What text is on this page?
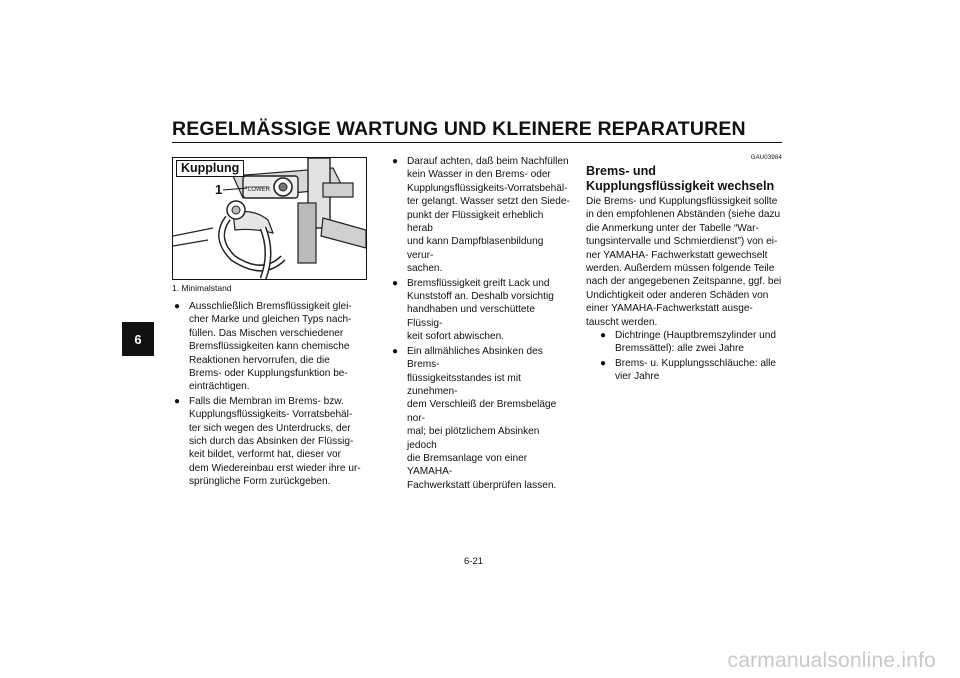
REGELMÄSSIGE WARTUNG UND KLEINERE REPARATUREN
6
LOWER
Kupplung
1
1. Minimalstand
● Ausschließlich Bremsflüssigkeit glei-
cher Marke und gleichen Typs nach-
füllen. Das Mischen verschiedener
Bremsflüssigkeiten kann chemische
Reaktionen hervorrufen, die die
Brems- oder Kupplungsfunktion be-
einträchtigen.

● Falls die Membran im Brems- bzw.
Kupplungsflüssigkeits- Vorratsbehäl-
ter sich wegen des Unterdrucks, der
sich durch das Absinken der Flüssig-
keit bildet, verformt hat, dieser vor
dem Wiedereinbau erst wieder ihre ur-
sprüngliche Form zurückgeben.

● Darauf achten, daß beim Nachfüllen
kein Wasser in den Brems- oder
Kupplungsflüssigkeits-Vorratsbehäl-
ter gelangt. Wasser setzt den Siede-
punkt der Flüssigkeit erheblich herab
und kann Dampfblasenbildung verur-
sachen.

● Bremsflüssigkeit greift Lack und
Kunststoff an. Deshalb vorsichtig
handhaben und verschüttete Flüssig-
keit sofort abwischen.

● Ein allmähliches Absinken des Brems-
flüssigkeitsstandes ist mit zunehmen-
dem Verschleiß der Bremsbeläge nor-
mal; bei plötzlichem Absinken jedoch
die Bremsanlage von einer YAMAHA-
Fachwerkstatt überprüfen lassen.

GAU03984
Brems- und
Kupplungsflüssigkeit wechseln

Die Brems- und Kupplungsflüssigkeit sollte
in den empfohlenen Abständen (siehe dazu
die Anmerkung unter der Tabelle “War-
tungsintervalle und Schmierdienst”) von ei-
ner YAMAHA- Fachwerkstatt gewechselt
werden. Außerdem müssen folgende Teile
nach der angegebenen Zeitspanne, ggf. bei
Undichtigkeit oder anderen Schäden von
einer YAMAHA-Fachwerkstatt ausge-
tauscht werden.

● Dichtringe (Hauptbremszylinder und
Bremssättel): alle zwei Jahre

● Brems- u. Kupplungsschläuche: alle
vier Jahre

6-21
carmanualsonline.info
